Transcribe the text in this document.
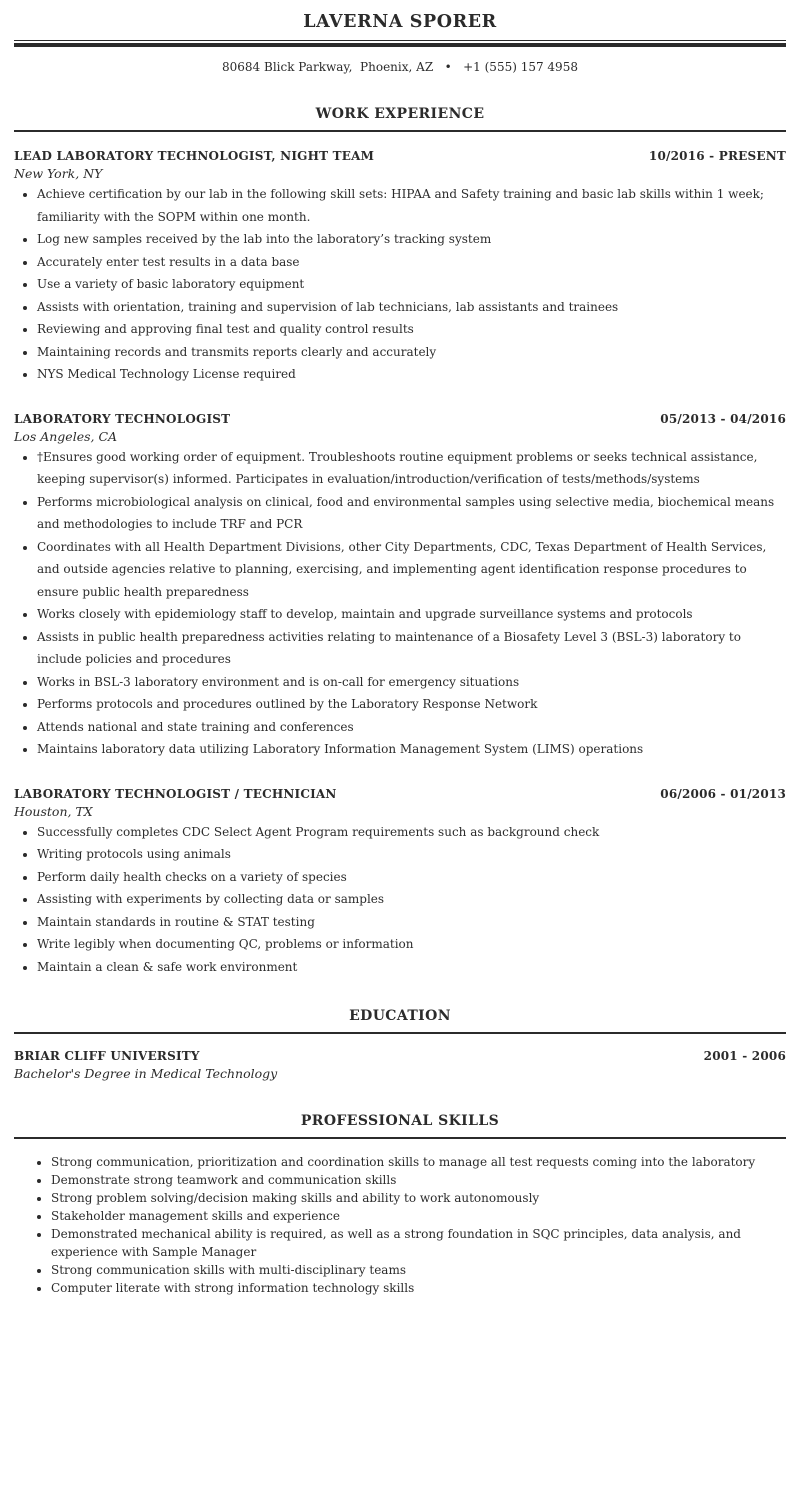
LAVERNA SPORER
80684 Blick Parkway,  Phoenix, AZ   •   +1 (555) 157 4958
WORK EXPERIENCE
LEAD LABORATORY TECHNOLOGIST, NIGHT TEAM	10/2016 - PRESENT
New York, NY
• Achieve certification by our lab in the following skill sets: HIPAA and Safety training and basic lab skills within 1 week; familiarity with the SOPM within one month.
• Log new samples received by the lab into the laboratory’s tracking system
• Accurately enter test results in a data base
• Use a variety of basic laboratory equipment
• Assists with orientation, training and supervision of lab technicians, lab assistants and trainees
• Reviewing and approving final test and quality control results
• Maintaining records and transmits reports clearly and accurately
• NYS Medical Technology License required
LABORATORY TECHNOLOGIST	05/2013 - 04/2016
Los Angeles, CA
• †Ensures good working order of equipment. Troubleshoots routine equipment problems or seeks technical assistance, keeping supervisor(s) informed. Participates in evaluation/introduction/verification of tests/methods/systems
• Performs microbiological analysis on clinical, food and environmental samples using selective media, biochemical means and methodologies to include TRF and PCR
• Coordinates with all Health Department Divisions, other City Departments, CDC, Texas Department of Health Services, and outside agencies relative to planning, exercising, and implementing agent identification response procedures to ensure public health preparedness
• Works closely with epidemiology staff to develop, maintain and upgrade surveillance systems and protocols
• Assists in public health preparedness activities relating to maintenance of a Biosafety Level 3 (BSL-3) laboratory to include policies and procedures
• Works in BSL-3 laboratory environment and is on-call for emergency situations
• Performs protocols and procedures outlined by the Laboratory Response Network
• Attends national and state training and conferences
• Maintains laboratory data utilizing Laboratory Information Management System (LIMS) operations
LABORATORY TECHNOLOGIST / TECHNICIAN	06/2006 - 01/2013
Houston, TX
• Successfully completes CDC Select Agent Program requirements such as background check
• Writing protocols using animals
• Perform daily health checks on a variety of species
• Assisting with experiments by collecting data or samples
• Maintain standards in routine & STAT testing
• Write legibly when documenting QC, problems or information
• Maintain a clean & safe work environment
EDUCATION
BRIAR CLIFF UNIVERSITY	2001 - 2006
Bachelor's Degree in Medical Technology
PROFESSIONAL SKILLS
• Strong communication, prioritization and coordination skills to manage all test requests coming into the laboratory
• Demonstrate strong teamwork and communication skills
• Strong problem solving/decision making skills and ability to work autonomously
• Stakeholder management skills and experience
• Demonstrated mechanical ability is required, as well as a strong foundation in SQC principles, data analysis, and experience with Sample Manager
• Strong communication skills with multi-disciplinary teams
• Computer literate with strong information technology skills
